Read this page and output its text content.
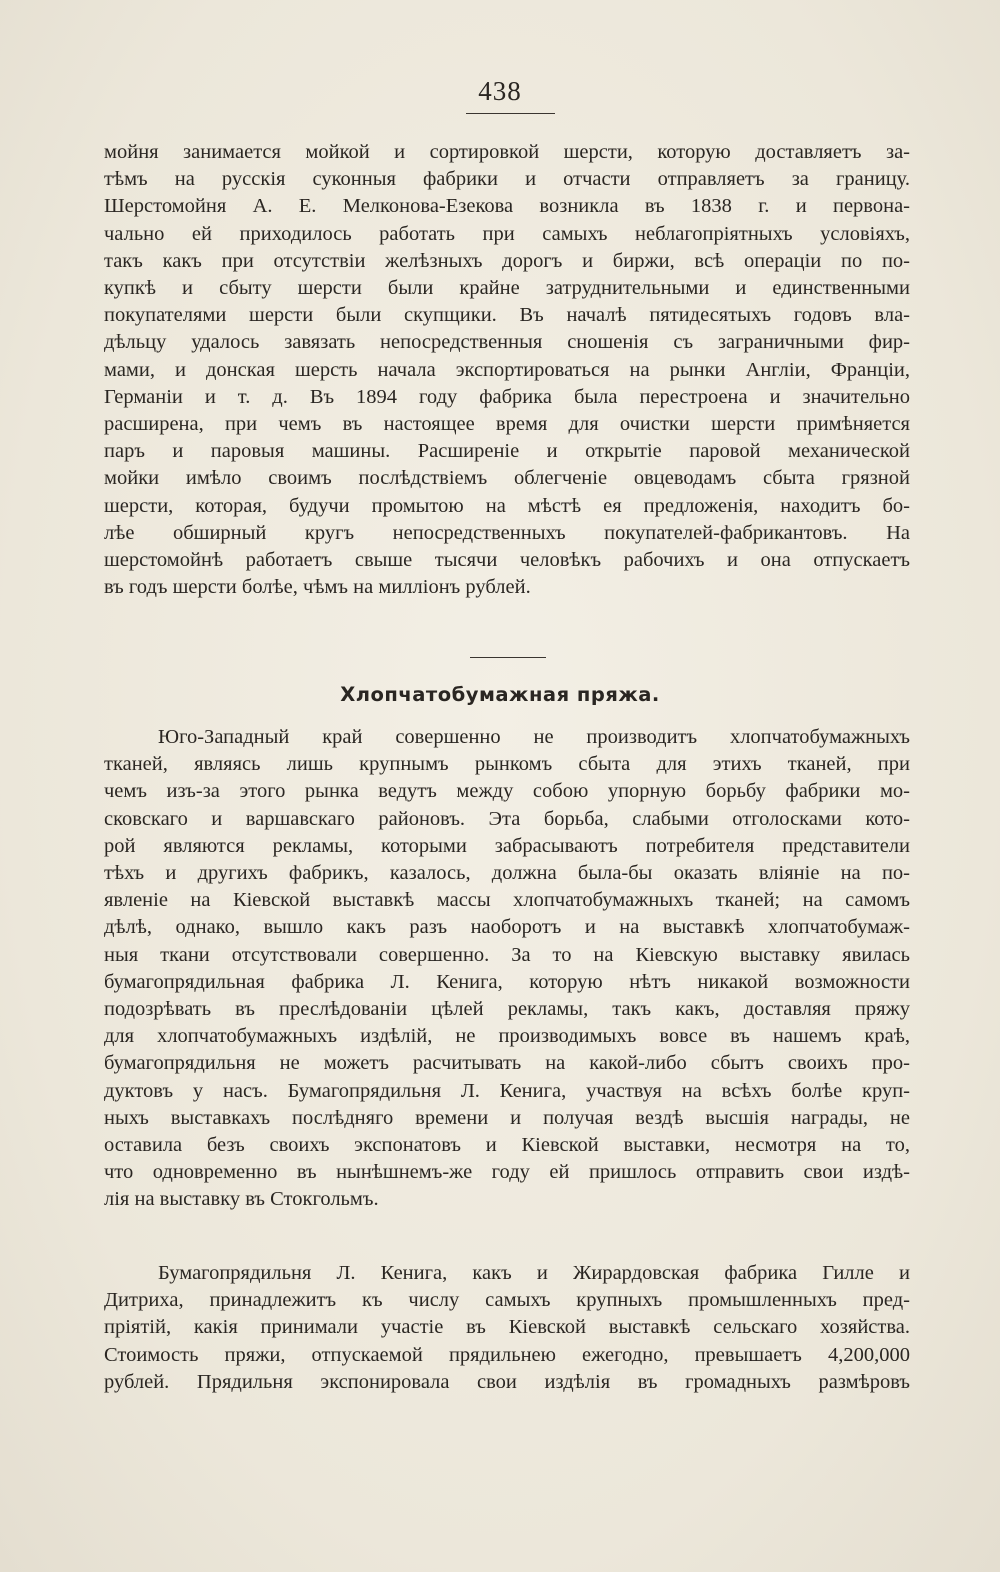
438
мойня занимается мойкой и сортировкой шерсти, которую доставляетъ за-
тѣмъ на русскія суконныя фабрики и отчасти отправляетъ за границу.
Шерстомойня А. Е. Мелконова-Езекова возникла въ 1838 г. и первона-
чально ей приходилось работать при самыхъ неблагопріятныхъ условіяхъ,
такъ какъ при отсутствіи желѣзныхъ дорогъ и биржи, всѣ операціи по по-
купкѣ и сбыту шерсти были крайне затруднительными и единственными
покупателями шерсти были скупщики. Въ началѣ пятидесятыхъ годовъ вла-
дѣльцу удалось завязать непосредственныя сношенія съ заграничными фир-
мами, и донская шерсть начала экспортироваться на рынки Англіи, Франціи,
Германіи и т. д. Въ 1894 году фабрика была перестроена и значительно
расширена, при чемъ въ настоящее время для очистки шерсти примѣняется
паръ и паровыя машины. Расширеніе и открытіе паровой механической
мойки имѣло своимъ послѣдствіемъ облегченіе овцеводамъ сбыта грязной
шерсти, которая, будучи промытою на мѣстѣ ея предложенія, находитъ бо-
лѣе обширный кругъ непосредственныхъ покупателей-фабрикантовъ. На
шерстомойнѣ работаетъ свыше тысячи человѣкъ рабочихъ и она отпускаетъ
въ годъ шерсти болѣе, чѣмъ на милліонъ рублей.
Хлопчатобумажная пряжа.
Юго-Западный край совершенно не производитъ хлопчатобумажныхъ
тканей, являясь лишь крупнымъ рынкомъ сбыта для этихъ тканей, при
чемъ изъ-за этого рынка ведутъ между собою упорную борьбу фабрики мо-
сковскаго и варшавскаго районовъ. Эта борьба, слабыми отголосками кото-
рой являются рекламы, которыми забрасываютъ потребителя представители
тѣхъ и другихъ фабрикъ, казалось, должна была-бы оказать вліяніе на по-
явленіе на Кіевской выставкѣ массы хлопчатобумажныхъ тканей; на самомъ
дѣлѣ, однако, вышло какъ разъ наоборотъ и на выставкѣ хлопчатобумаж-
ныя ткани отсутствовали совершенно. За то на Кіевскую выставку явилась
бумагопрядильная фабрика Л. Кенига, которую нѣтъ никакой возможности
подозрѣвать въ преслѣдованіи цѣлей рекламы, такъ какъ, доставляя пряжу
для хлопчатобумажныхъ издѣлій, не производимыхъ вовсе въ нашемъ краѣ,
бумагопрядильня не можетъ расчитывать на какой-либо сбытъ своихъ про-
дуктовъ у насъ. Бумагопрядильня Л. Кенига, участвуя на всѣхъ болѣе круп-
ныхъ выставкахъ послѣдняго времени и получая вездѣ высшія награды, не
оставила безъ своихъ экспонатовъ и Кіевской выставки, несмотря на то,
что одновременно въ нынѣшнемъ-же году ей пришлось отправить свои издѣ-
лія на выставку въ Стокгольмъ.
Бумагопрядильня Л. Кенига, какъ и Жирардовская фабрика Гилле и
Дитриха, принадлежитъ къ числу самыхъ крупныхъ промышленныхъ пред-
пріятій, какія принимали участіе въ Кіевской выставкѣ сельскаго хозяйства.
Стоимость пряжи, отпускаемой прядильнею ежегодно, превышаетъ 4,200,000
рублей. Прядильня экспонировала свои издѣлія въ громадныхъ размѣровъ
